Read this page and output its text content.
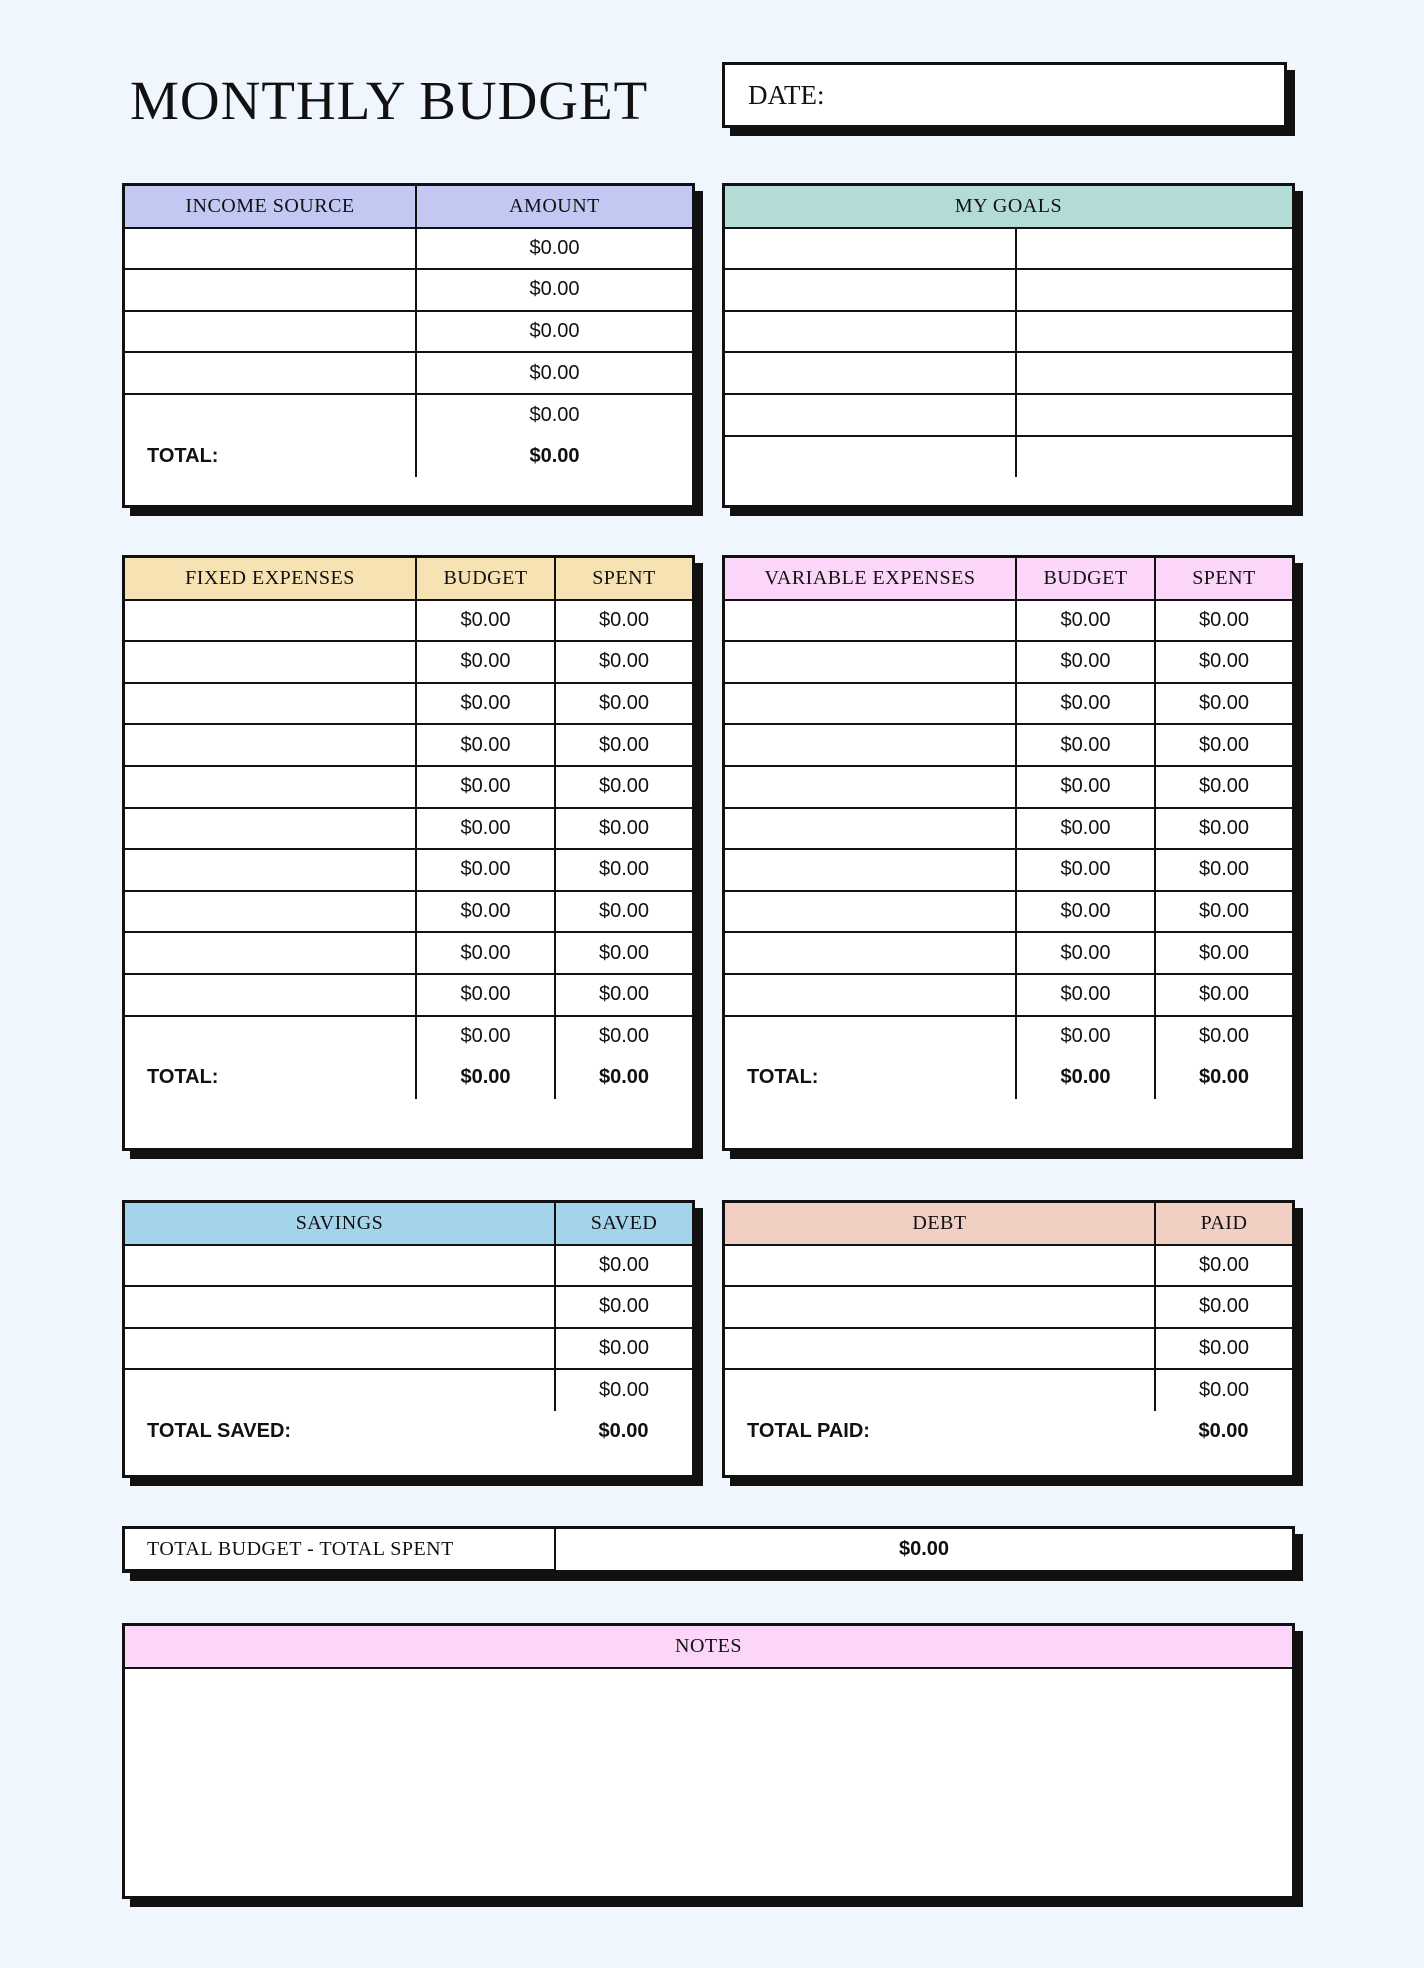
MONTHLY BUDGET	DATE:
INCOME SOURCE	AMOUNT
	$0.00
	$0.00
	$0.00
	$0.00
	$0.00
TOTAL:	$0.00
MY GOALS	

FIXED EXPENSES	BUDGET	SPENT
	$0.00	$0.00
	$0.00	$0.00
	$0.00	$0.00
	$0.00	$0.00
	$0.00	$0.00
	$0.00	$0.00
	$0.00	$0.00
	$0.00	$0.00
	$0.00	$0.00
	$0.00	$0.00
	$0.00	$0.00
TOTAL:	$0.00	$0.00
VARIABLE EXPENSES	BUDGET	SPENT
	$0.00	$0.00
	$0.00	$0.00
	$0.00	$0.00
	$0.00	$0.00
	$0.00	$0.00
	$0.00	$0.00
	$0.00	$0.00
	$0.00	$0.00
	$0.00	$0.00
	$0.00	$0.00
	$0.00	$0.00
TOTAL:	$0.00	$0.00
SAVINGS	SAVED
	$0.00
	$0.00
	$0.00
	$0.00
TOTAL SAVED:	$0.00
DEBT	PAID
	$0.00
	$0.00
	$0.00
	$0.00
TOTAL PAID:	$0.00
TOTAL BUDGET - TOTAL SPENT	$0.00
NOTES
